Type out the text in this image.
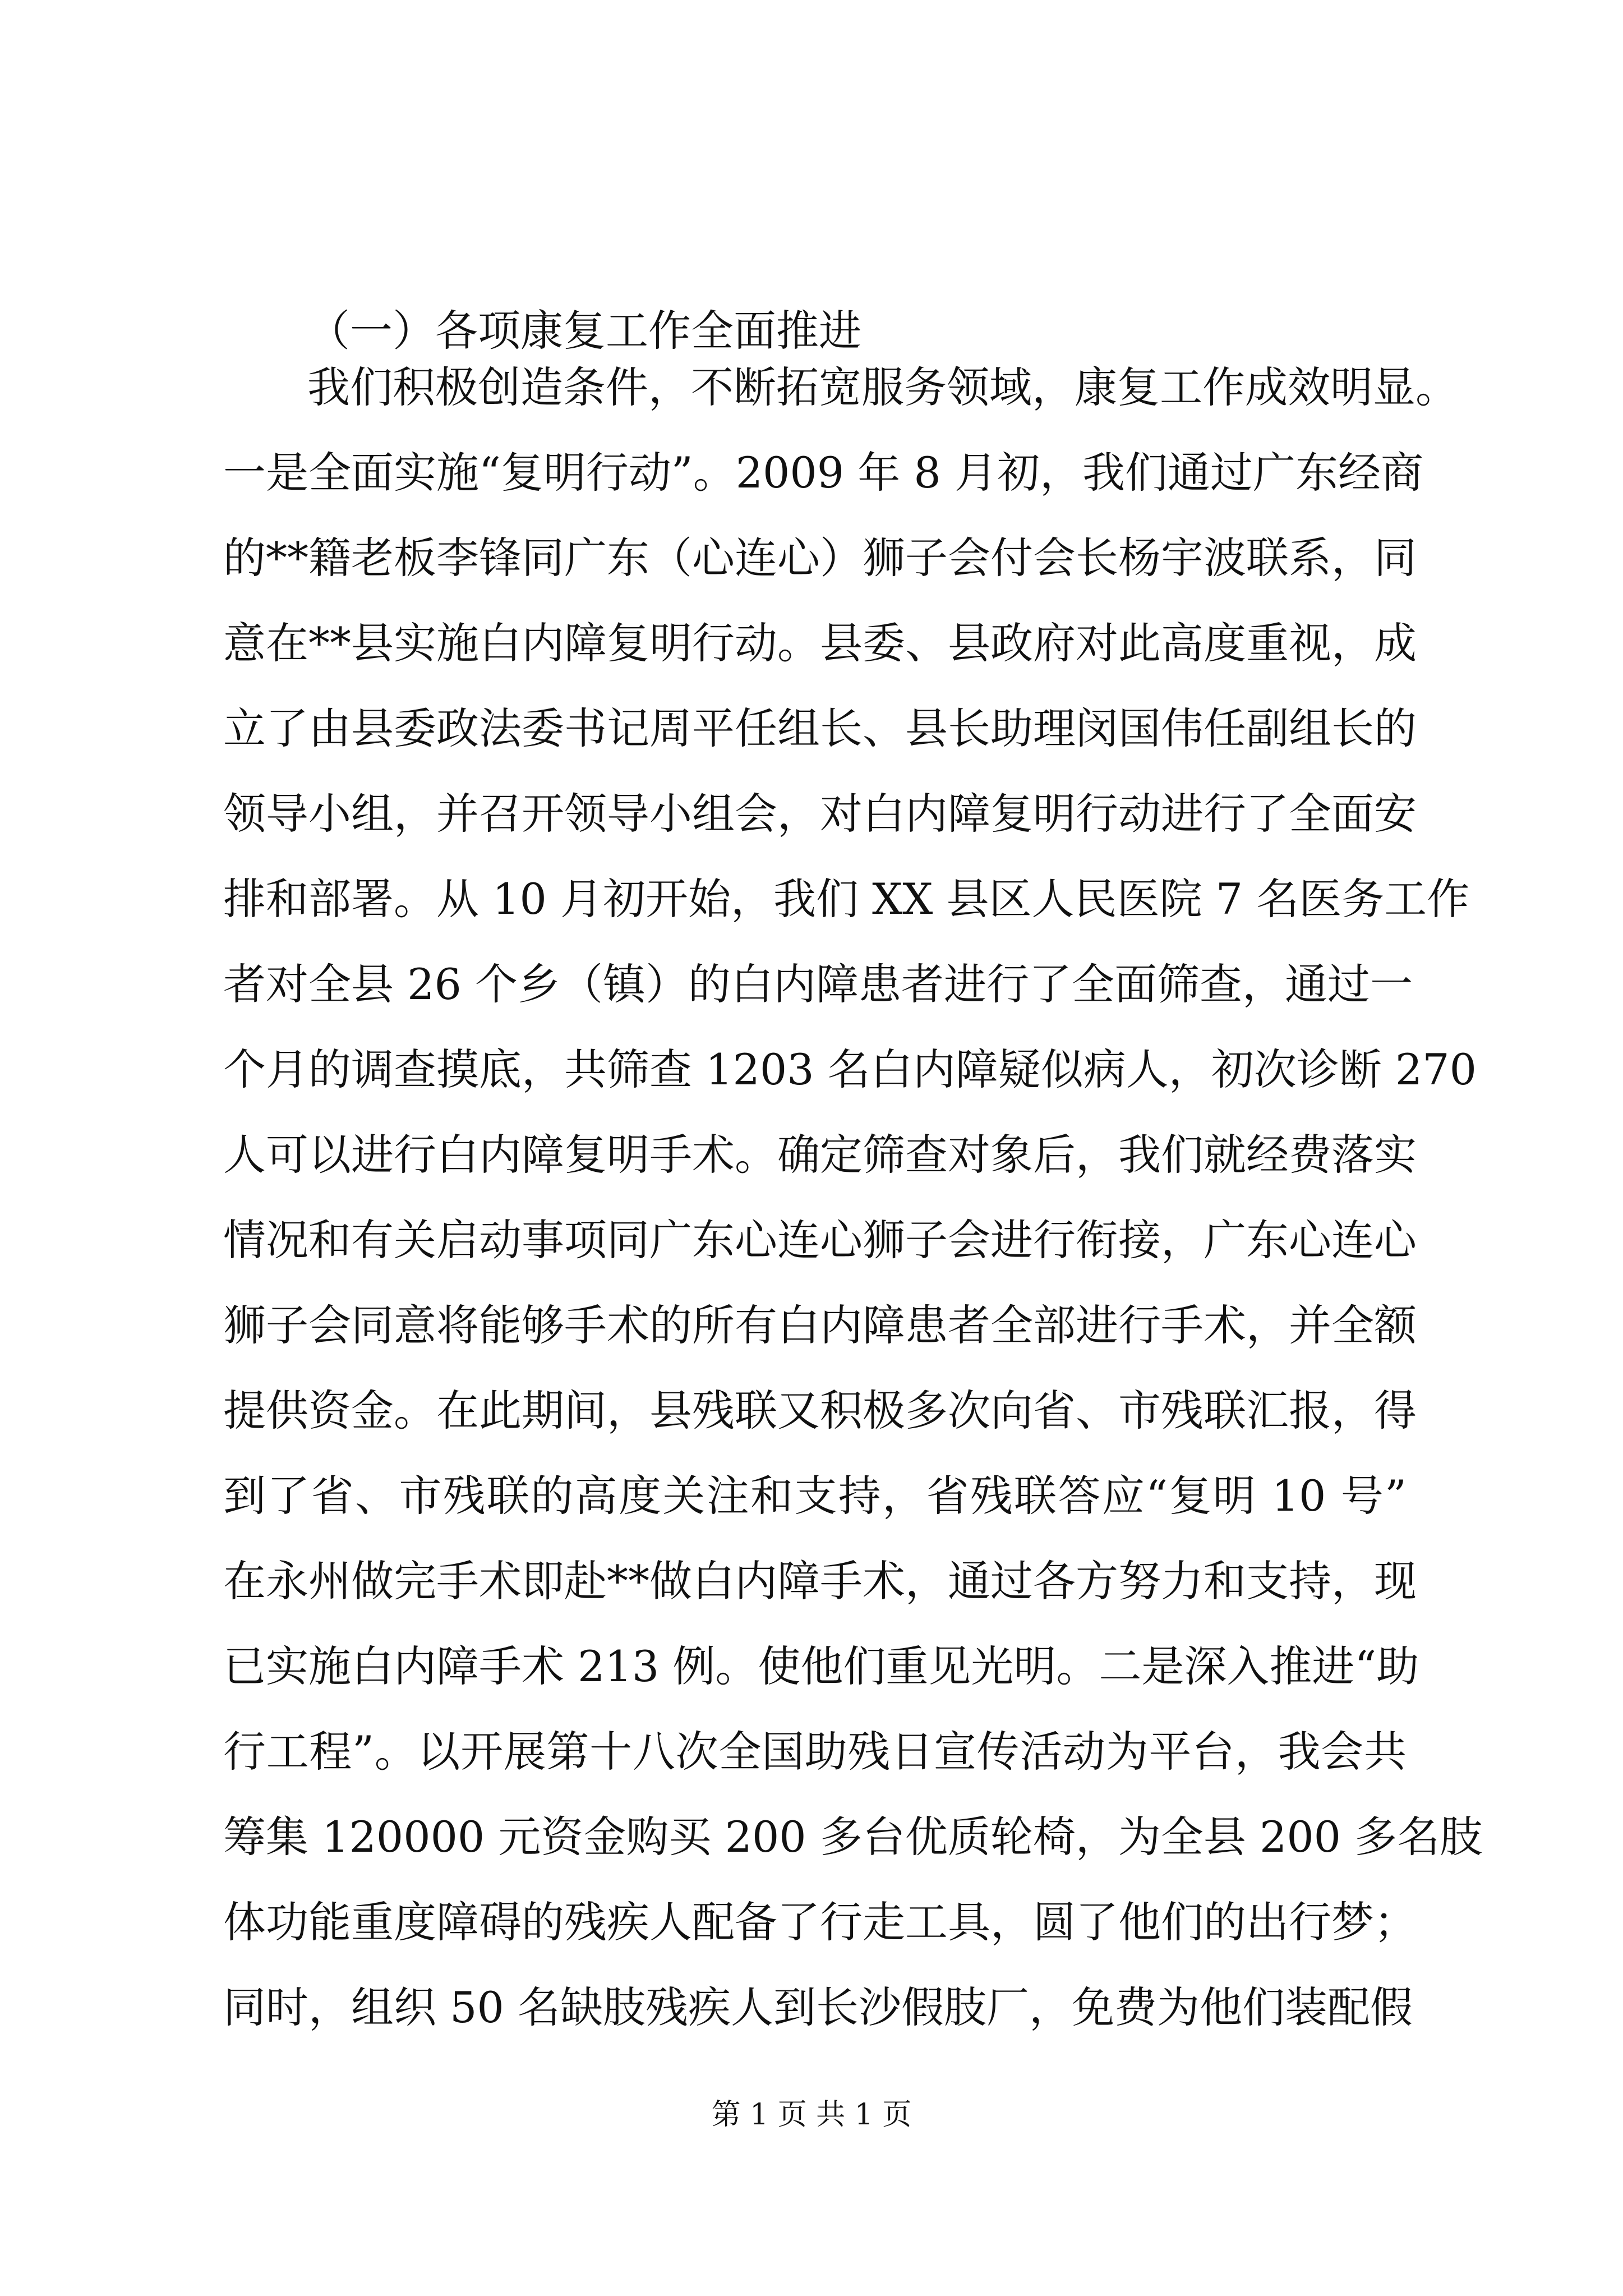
（一）各项康复工作全面推进
我们积极创造条件，不断拓宽服务领域，康复工作成效明显。
一是全面实施“复明行动”。2009 年 8 月初，我们通过广东经商
的**籍老板李锋同广东（心连心）狮子会付会长杨宇波联系，同
意在**县实施白内障复明行动。县委、县政府对此高度重视，成
立了由县委政法委书记周平任组长、县长助理闵国伟任副组长的
领导小组，并召开领导小组会，对白内障复明行动进行了全面安
排和部署。从 10 月初开始，我们 XX 县区人民医院 7 名医务工作
者对全县 26 个乡（镇）的白内障患者进行了全面筛查，通过一
个月的调查摸底，共筛查 1203 名白内障疑似病人，初次诊断 270
人可以进行白内障复明手术。确定筛查对象后，我们就经费落实
情况和有关启动事项同广东心连心狮子会进行衔接，广东心连心
狮子会同意将能够手术的所有白内障患者全部进行手术，并全额
提供资金。在此期间，县残联又积极多次向省、市残联汇报，得
到了省、市残联的高度关注和支持，省残联答应“复明 10 号”
在永州做完手术即赴**做白内障手术，通过各方努力和支持，现
已实施白内障手术 213 例。使他们重见光明。二是深入推进“助
行工程”。以开展第十八次全国助残日宣传活动为平台，我会共
筹集 120000 元资金购买 200 多台优质轮椅，为全县 200 多名肢
体功能重度障碍的残疾人配备了行走工具，圆了他们的出行梦；
同时，组织 50 名缺肢残疾人到长沙假肢厂，免费为他们装配假
第 1 页 共 1 页
